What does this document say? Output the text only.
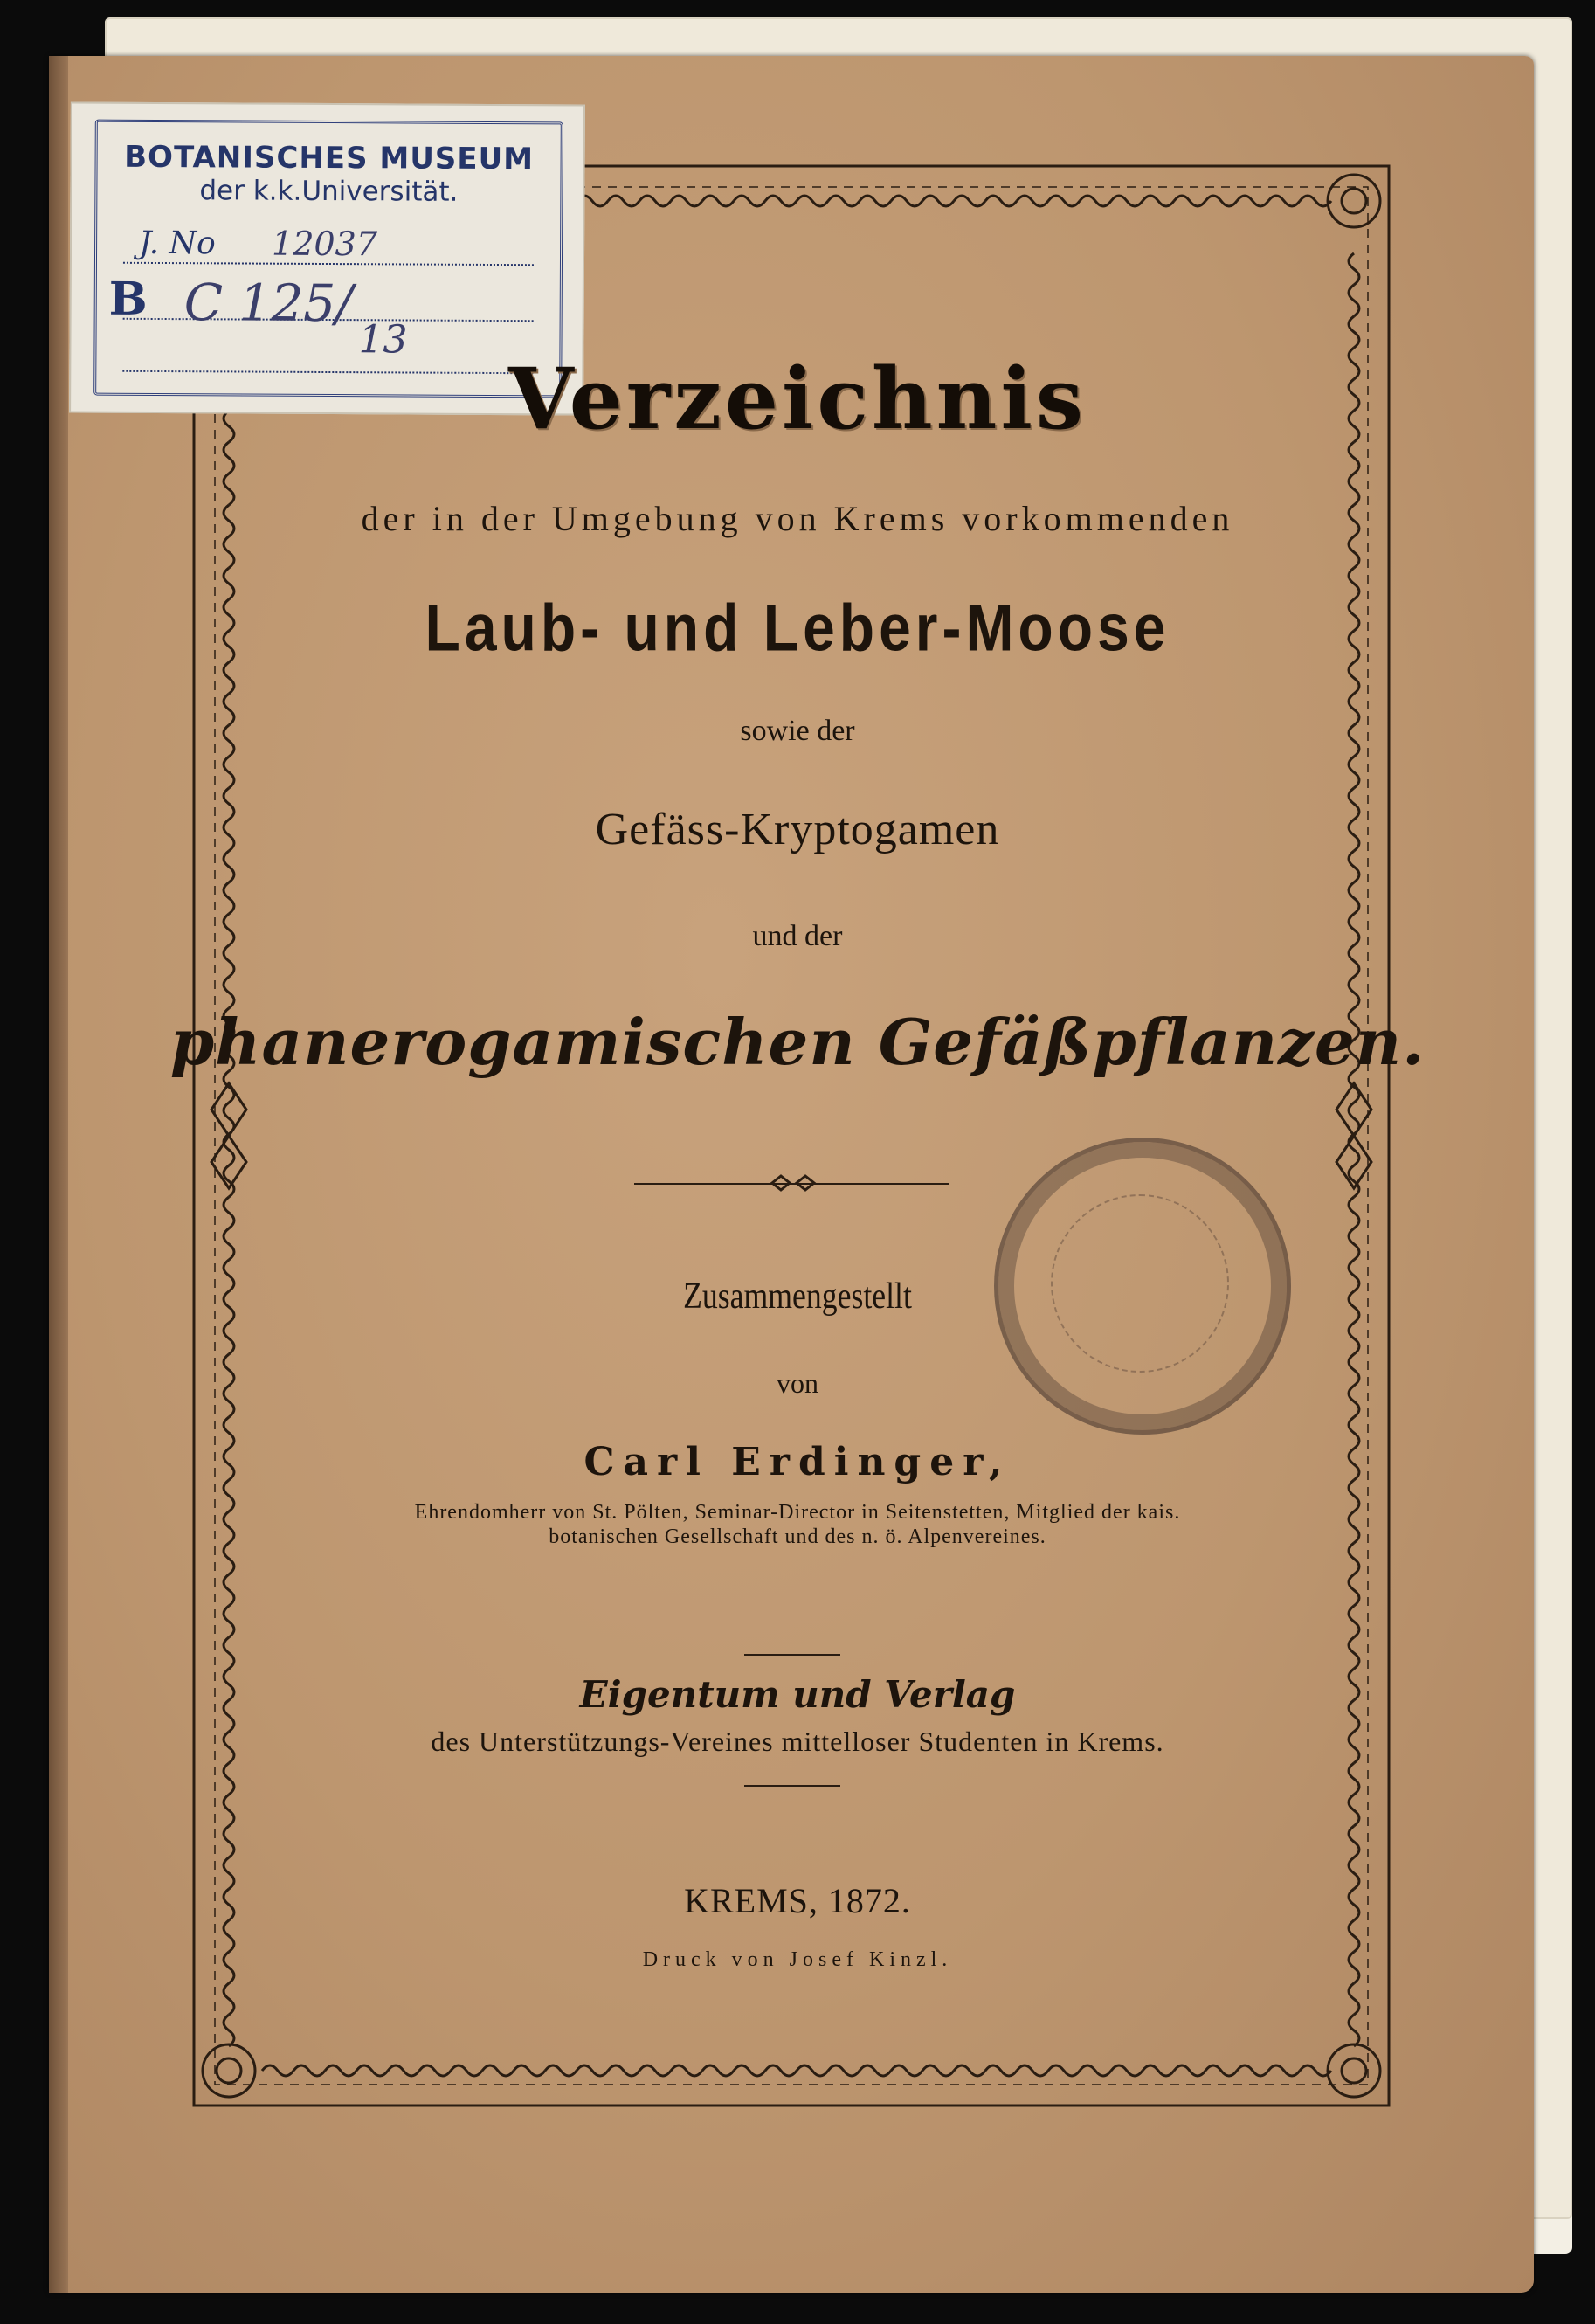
BOTANISCHES MUSEUM
der k.k.Universität.
J. No 12037
B C 125/
13
Verzeichnis
der in der Umgebung von Krems vorkommenden
Laub- und Leber-Moose
sowie der
Gefäss-Kryptogamen
und der
phanerogamischen Gefäßpflanzen.
Zusammengestellt
von
Carl Erdinger,
Ehrendomherr von St. Pölten, Seminar-Director in Seitenstetten, Mitglied der kais.
botanischen Gesellschaft und des n. ö. Alpenvereines.
Eigentum und Verlag
des Unterstützungs-Vereines mittelloser Studenten in Krems.
KREMS, 1872.
Druck von Josef Kinzl.
